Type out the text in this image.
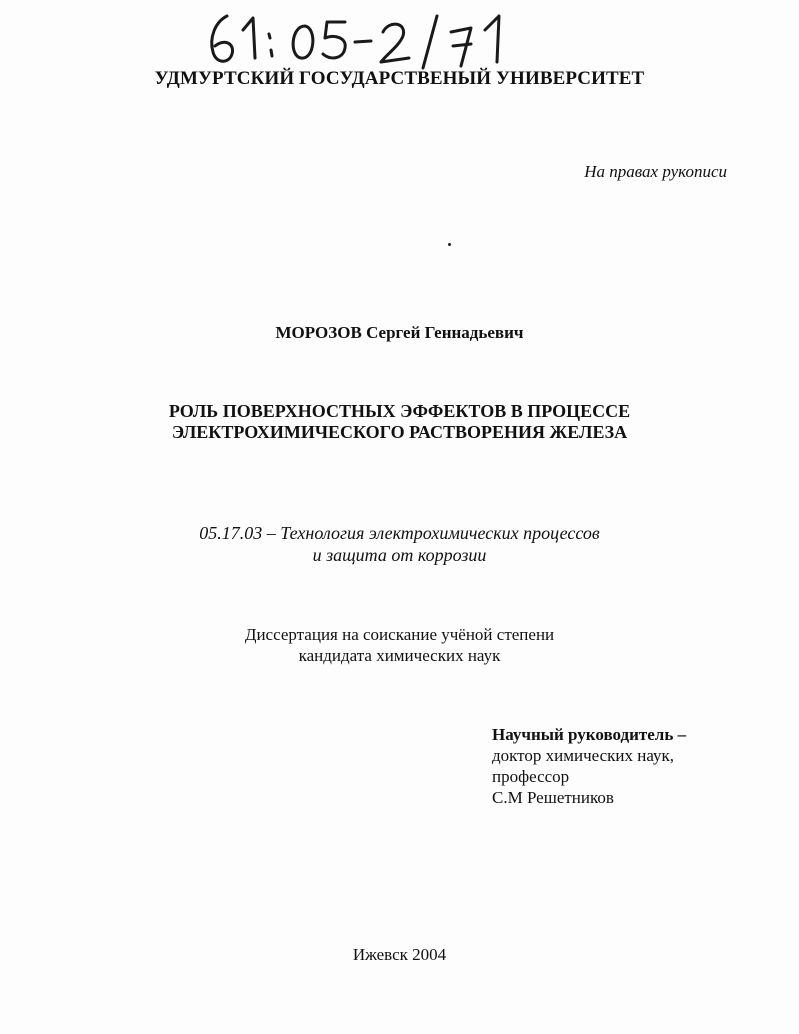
УДМУРТСКИЙ ГОСУДАРСТВЕНЫЙ УНИВЕРСИТЕТ
На правах рукописи
МОРОЗОВ Сергей Геннадьевич
РОЛЬ ПОВЕРХНОСТНЫХ ЭФФЕКТОВ В ПРОЦЕССЕ
ЭЛЕКТРОХИМИЧЕСКОГО РАСТВОРЕНИЯ ЖЕЛЕЗА
05.17.03 – Технология электрохимических процессов
и защита от коррозии
Диссертация на соискание учёной степени
кандидата химических наук
Научный руководитель –
доктор химических наук,
профессор
С.М Решетников
Ижевск 2004
